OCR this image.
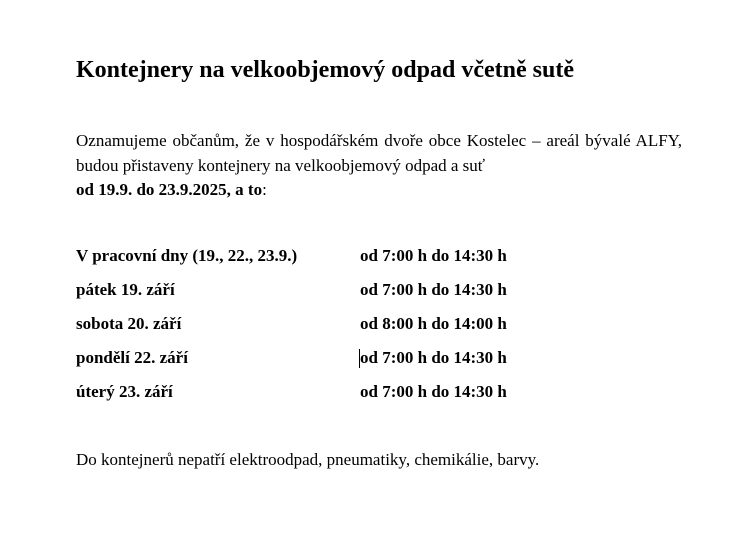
Kontejnery na velkoobjemový odpad včetně sutě

Oznamujeme občanům, že v hospodářském dvoře obce Kostelec – areál bývalé ALFY, budou přistaveny kontejnery na velkoobjemový odpad a suť
od 19.9. do 23.9.2025, a to:

V pracovní dny (19., 22., 23.9.)	od 7:00 h do 14:30 h
pátek 19. září	od 7:00 h do 14:30 h
sobota 20. září	od 8:00 h do 14:00 h
pondělí 22. září	od 7:00 h do 14:30 h
úterý 23. září	od 7:00 h do 14:30 h

Do kontejnerů nepatří elektroodpad, pneumatiky, chemikálie, barvy.
